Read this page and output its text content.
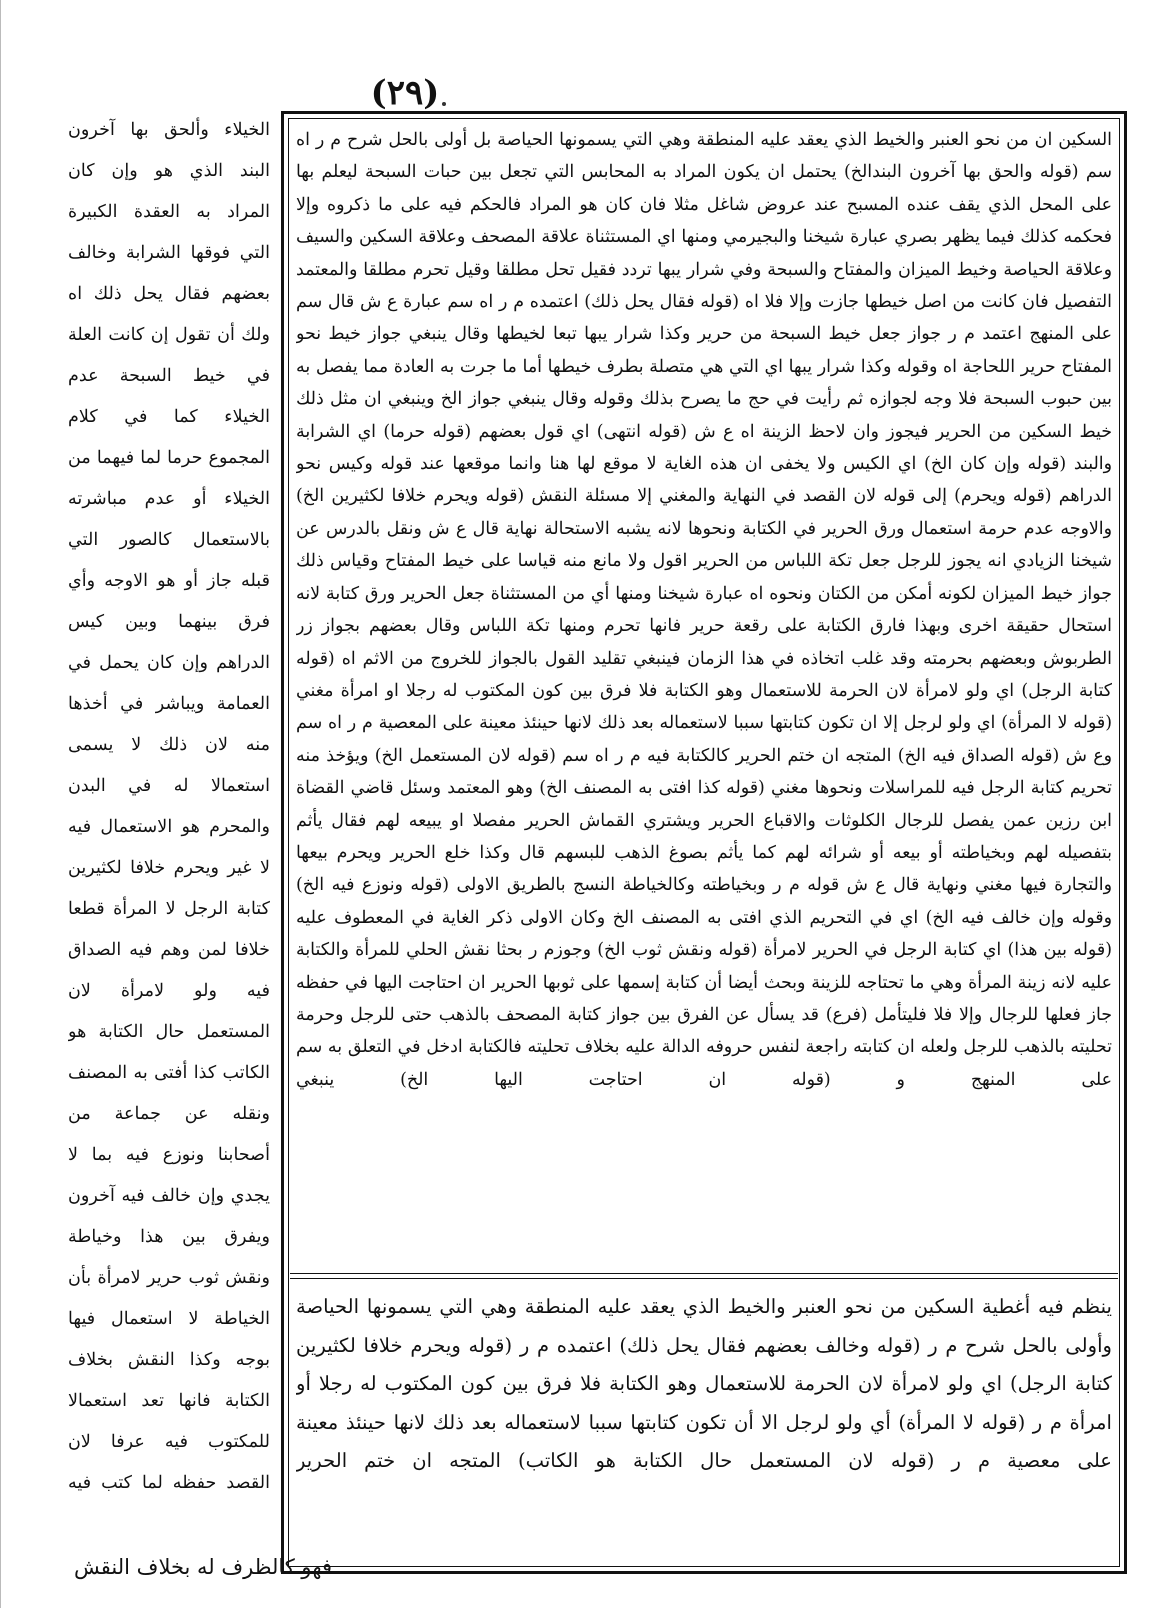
(٢٩)

السكين ان من نحو العنبر والخيط الذي يعقد عليه المنطقة وهي التي يسمونها الحياصة بل أولى بالحل شرح م ر اه سم (قوله والحق بها آخرون البندالخ) يحتمل ان يكون المراد به المحابس التي تجعل بين حبات السبحة ليعلم بها على المحل الذي يقف عنده المسبح عند عروض شاغل مثلا فان كان هو المراد فالحكم فيه على ما ذكروه وإلا فحكمه كذلك فيما يظهر بصري عبارة شيخنا والبجيرمي ومنها اي المستثناة علاقة المصحف وعلاقة السكين والسيف وعلاقة الحياصة وخيط الميزان والمفتاح والسبحة وفي شرار يبها تردد فقيل تحل مطلقا وقيل تحرم مطلقا والمعتمد التفصيل فان كانت من اصل خيطها جازت وإلا فلا اه (قوله فقال يحل ذلك) اعتمده م ر اه سم عبارة ع ش قال سم على المنهج اعتمد م ر جواز جعل خيط السبحة من حرير وكذا شرار يبها تبعا لخيطها وقال ينبغي جواز خيط نحو المفتاح حرير اللحاجة اه وقوله وكذا شرار يبها اي التي هي متصلة بطرف خيطها أما ما جرت به العادة مما يفصل به بين حبوب السبحة فلا وجه لجوازه ثم رأيت في حج ما يصرح بذلك وقوله وقال ينبغي جواز الخ وينبغي ان مثل ذلك خيط السكين من الحرير فيجوز وان لاحظ الزينة اه ع ش (قوله انتهى) اي قول بعضهم (قوله حرما) اي الشرابة والبند (قوله وإن كان الخ) اي الكيس ولا يخفى ان هذه الغاية لا موقع لها هنا وانما موقعها عند قوله وكيس نحو الدراهم (قوله ويحرم) إلى قوله لان القصد في النهاية والمغني إلا مسئلة النقش (قوله ويحرم خلافا لكثيرين الخ) والاوجه عدم حرمة استعمال ورق الحرير في الكتابة ونحوها لانه يشبه الاستحالة نهاية قال ع ش ونقل بالدرس عن شيخنا الزيادي انه يجوز للرجل جعل تكة اللباس من الحرير اقول ولا مانع منه قياسا على خيط المفتاح وقياس ذلك جواز خيط الميزان لكونه أمكن من الكتان ونحوه اه عبارة شيخنا ومنها أي من المستثناة جعل الحرير ورق كتابة لانه استحال حقيقة اخرى وبهذا فارق الكتابة على رقعة حرير فانها تحرم ومنها تكة اللباس وقال بعضهم بجواز زر الطربوش وبعضهم بحرمته وقد غلب اتخاذه في هذا الزمان فينبغي تقليد القول بالجواز للخروج من الاثم اه (قوله كتابة الرجل) اي ولو لامرأة لان الحرمة للاستعمال وهو الكتابة فلا فرق بين كون المكتوب له رجلا او امرأة مغني (قوله لا المرأة) اي ولو لرجل إلا ان تكون كتابتها سببا لاستعماله بعد ذلك لانها حينئذ معينة على المعصية م ر اه سم وع ش (قوله الصداق فيه الخ) المتجه ان ختم الحرير كالكتابة فيه م ر اه سم (قوله لان المستعمل الخ) ويؤخذ منه تحريم كتابة الرجل فيه للمراسلات ونحوها مغني (قوله كذا افتى به المصنف الخ) وهو المعتمد وسئل قاضي القضاة ابن رزين عمن يفصل للرجال الكلوثات والاقباع الحرير ويشتري القماش الحرير مفصلا او يبيعه لهم فقال يأثم بتفصيله لهم وبخياطته أو بيعه أو شرائه لهم كما يأثم بصوغ الذهب للبسهم قال وكذا خلع الحرير ويحرم بيعها والتجارة فيها مغني ونهاية قال ع ش قوله م ر وبخياطته وكالخياطة النسج بالطريق الاولى (قوله ونوزع فيه الخ) وقوله وإن خالف فيه الخ) اي في التحريم الذي افتى به المصنف الخ وكان الاولى ذكر الغاية في المعطوف عليه (قوله بين هذا) اي كتابة الرجل في الحرير لامرأة (قوله ونقش ثوب الخ) وجوزم ر بحثا نقش الحلي للمرأة والكتابة عليه لانه زينة المرأة وهي ما تحتاجه للزينة وبحث أيضا أن كتابة إسمها على ثوبها الحرير ان احتاجت اليها في حفظه جاز فعلها للرجال وإلا فلا فليتأمل (فرع) قد يسأل عن الفرق بين جواز كتابة المصحف بالذهب حتى للرجل وحرمة تحليته بالذهب للرجل ولعله ان كتابته راجعة لنفس حروفه الدالة عليه بخلاف تحليته فالكتابة ادخل في التعلق به سم على المنهج و (قوله ان احتاجت اليها الخ) ينبغي

ينظم فيه أغطية السكين من نحو العنبر والخيط الذي يعقد عليه المنطقة وهي التي يسمونها الحياصة وأولى بالحل شرح م ر (قوله وخالف بعضهم فقال يحل ذلك) اعتمده م ر (قوله ويحرم خلافا لكثيرين كتابة الرجل) اي ولو لامرأة لان الحرمة للاستعمال وهو الكتابة فلا فرق بين كون المكتوب له رجلا أو امرأة م ر (قوله لا المرأة) أي ولو لرجل الا أن تكون كتابتها سببا لاستعماله بعد ذلك لانها حينئذ معينة على معصية م ر (قوله لان المستعمل حال الكتابة هو الكاتب) المتجه ان ختم الحرير

الخيلاء وألحق بها آخرون البند الذي هو وإن كان المراد به العقدة الكبيرة التي فوقها الشرابة وخالف بعضهم فقال يحل ذلك اه ولك أن تقول إن كانت العلة في خيط السبحة عدم الخيلاء كما في كلام المجموع حرما لما فيهما من الخيلاء أو عدم مباشرته بالاستعمال كالصور التي قبله جاز أو هو الاوجه وأي فرق بينهما وبين كيس الدراهم وإن كان يحمل في العمامة ويباشر في أخذها منه لان ذلك لا يسمى استعمالا له في البدن والمحرم هو الاستعمال فيه لا غير ويحرم خلافا لكثيرين كتابة الرجل لا المرأة قطعا خلافا لمن وهم فيه الصداق فيه ولو لامرأة لان المستعمل حال الكتابة هو الكاتب كذا أفتى به المصنف ونقله عن جماعة من أصحابنا ونوزع فيه بما لا يجدي وإن خالف فيه آخرون ويفرق بين هذا وخياطة ونقش ثوب حرير لامرأة بأن الخياطة لا استعمال فيها بوجه وكذا النقش بخلاف الكتابة فانها تعد استعمالا للمكتوب فيه عرفا لان القصد حفظه لما كتب فيه

فهو كالظرف له بخلاف النقش
